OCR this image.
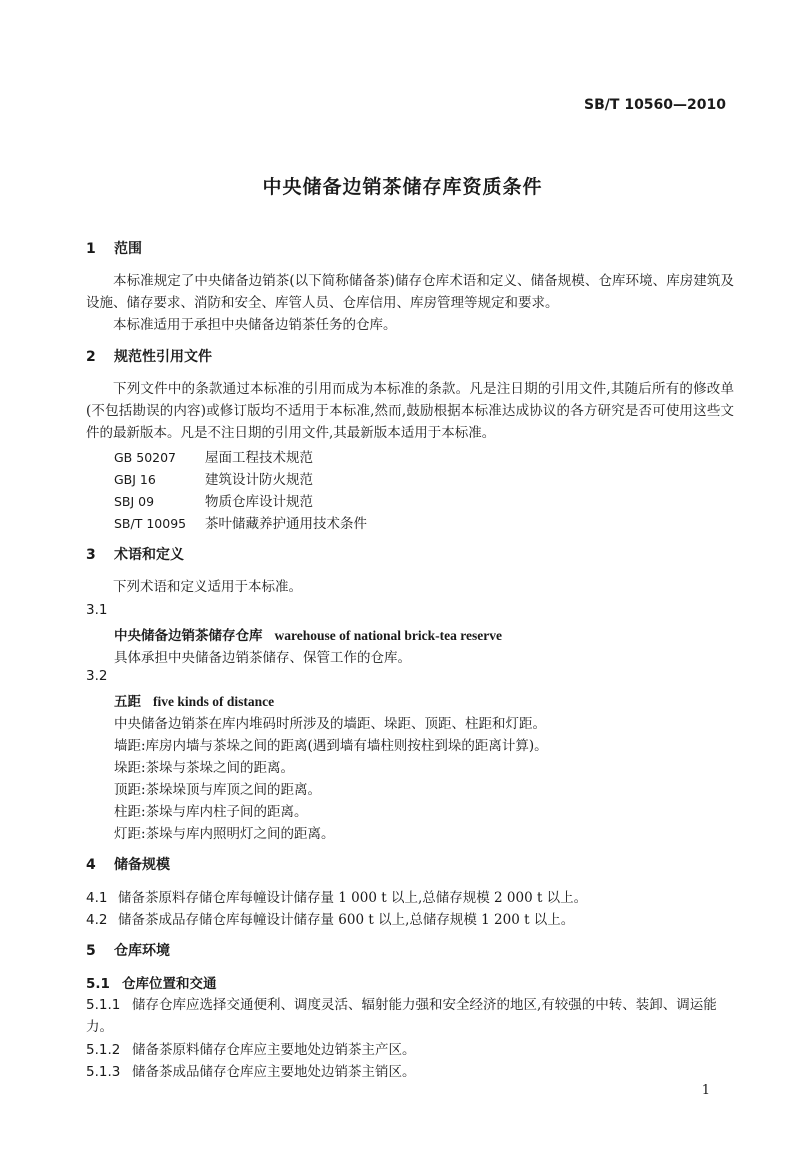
SB/T 10560—2010
中央储备边销茶储存库资质条件
1 范围
本标准规定了中央储备边销茶(以下简称储备茶)储存仓库术语和定义、储备规模、仓库环境、库房建筑及设施、储存要求、消防和安全、库管人员、仓库信用、库房管理等规定和要求。
本标准适用于承担中央储备边销茶任务的仓库。
2 规范性引用文件
下列文件中的条款通过本标准的引用而成为本标准的条款。凡是注日期的引用文件,其随后所有的修改单(不包括勘误的内容)或修订版均不适用于本标准,然而,鼓励根据本标准达成协议的各方研究是否可使用这些文件的最新版本。凡是不注日期的引用文件,其最新版本适用于本标准。
GB 50207 屋面工程技术规范
GBJ 16	建筑设计防火规范
SBJ 09	物质仓库设计规范
SB/T 10095 茶叶储藏养护通用技术条件
3 术语和定义
下列术语和定义适用于本标准。
3.1
中央储备边销茶储存仓库 warehouse of national brick-tea reserve
具体承担中央储备边销茶储存、保管工作的仓库。
3.2
五距 five kinds of distance
中央储备边销茶在库内堆码时所涉及的墙距、垛距、顶距、柱距和灯距。
墙距:库房内墙与茶垛之间的距离(遇到墙有墙柱则按柱到垛的距离计算)。
垛距:茶垛与茶垛之间的距离。
顶距:茶垛垛顶与库顶之间的距离。
柱距:茶垛与库内柱子间的距离。
灯距:茶垛与库内照明灯之间的距离。
4 储备规模
4.1 储备茶原料存储仓库每幢设计储存量 1 000 t 以上,总储存规模 2 000 t 以上。
4.2 储备茶成品存储仓库每幢设计储存量 600 t 以上,总储存规模 1 200 t 以上。
5 仓库环境
5.1 仓库位置和交通
5.1.1 储存仓库应选择交通便利、调度灵活、辐射能力强和安全经济的地区,有较强的中转、装卸、调运能力。
5.1.2 储备茶原料储存仓库应主要地处边销茶主产区。
5.1.3 储备茶成品储存仓库应主要地处边销茶主销区。
1
